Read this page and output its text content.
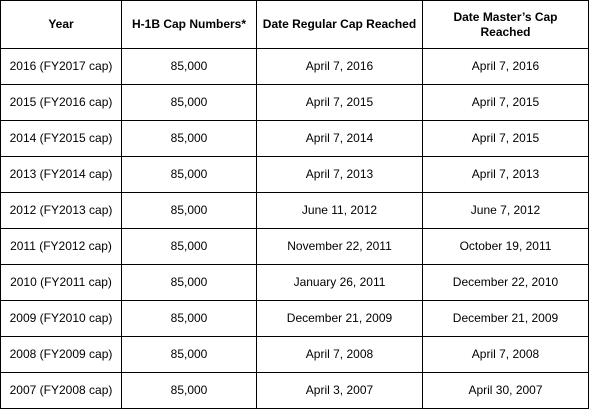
Year	H-1B Cap Numbers*	Date Regular Cap Reached	Date Master’s Cap Reached
2016 (FY2017 cap)	85,000	April 7, 2016	April 7, 2016
2015 (FY2016 cap)	85,000	April 7, 2015	April 7, 2015
2014 (FY2015 cap)	85,000	April 7, 2014	April 7, 2015
2013 (FY2014 cap)	85,000	April 7, 2013	April 7, 2013
2012 (FY2013 cap)	85,000	June 11, 2012	June 7, 2012
2011 (FY2012 cap)	85,000	November 22, 2011	October 19, 2011
2010 (FY2011 cap)	85,000	January 26, 2011	December 22, 2010
2009 (FY2010 cap)	85,000	December 21, 2009	December 21, 2009
2008 (FY2009 cap)	85,000	April 7, 2008	April 7, 2008
2007 (FY2008 cap)	85,000	April 3, 2007	April 30, 2007
